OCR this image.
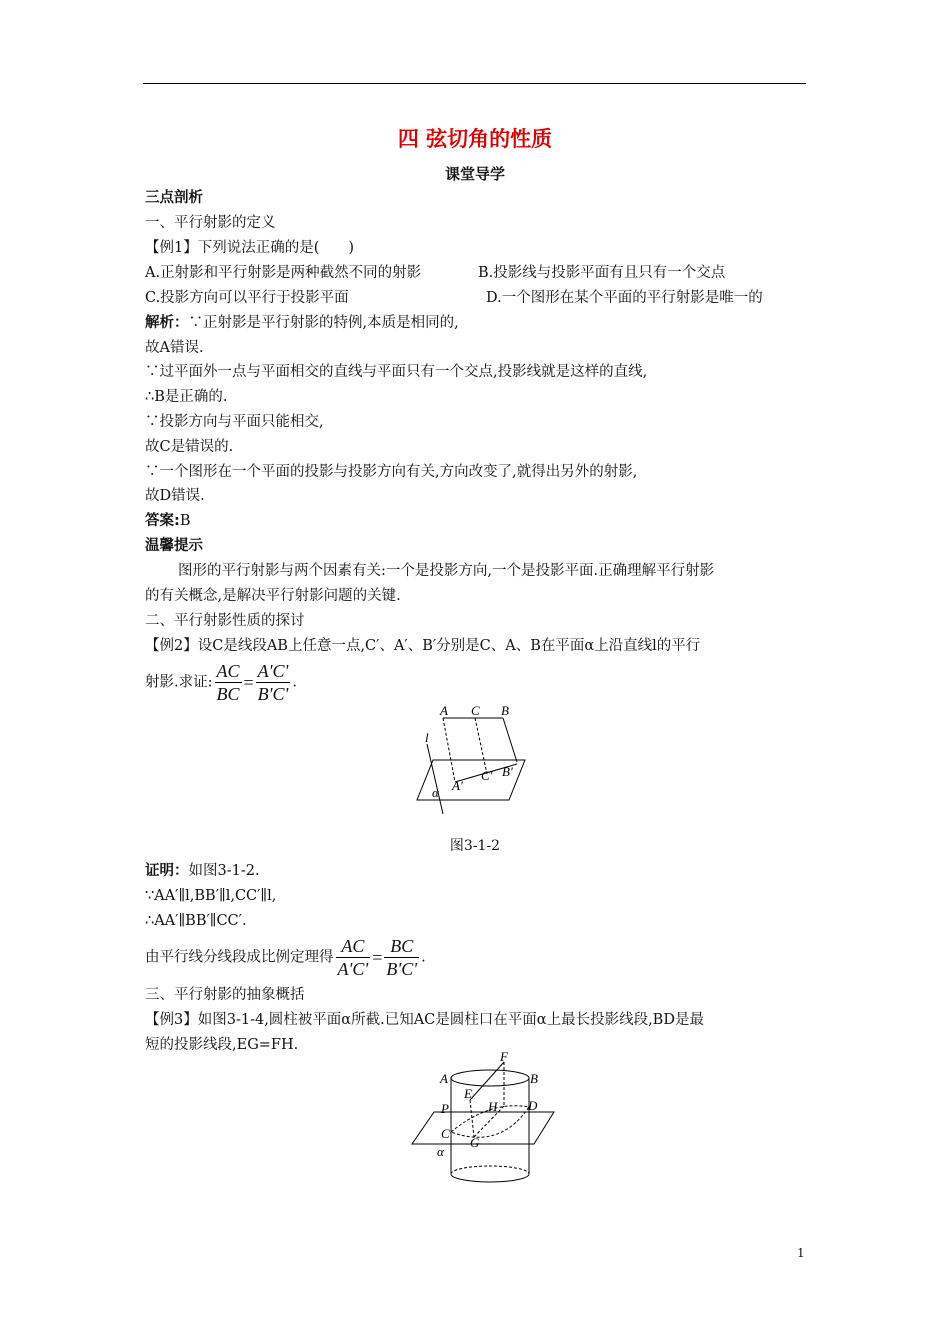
四 弦切角的性质
课堂导学
三点剖析
一、平行射影的定义
【例1】下列说法正确的是(　　)
A.正射影和平行射影是两种截然不同的射影	B.投影线与投影平面有且只有一个交点
C.投影方向可以平行于投影平面	D.一个图形在某个平面的平行射影是唯一的
解析：∵正射影是平行射影的特例,本质是相同的,
故A错误.
∵过平面外一点与平面相交的直线与平面只有一个交点,投影线就是这样的直线,
∴B是正确的.
∵投影方向与平面只能相交,
故C是错误的.
∵一个图形在一个平面的投影与投影方向有关,方向改变了,就得出另外的射影,
故D错误.
答案:B
温馨提示
图形的平行射影与两个因素有关:一个是投影方向,一个是投影平面.正确理解平行射影
的有关概念,是解决平行射影问题的关键.
二、平行射影性质的探讨
【例2】设C是线段AB上任意一点,C′、A′、B′分别是C、A、B在平面α上沿直线l的平行
射影.求证: $\frac{AC}{BC} = \frac{A'C'}{B'C'}$ .
A C B
l
C′ B′
A′
α
图3-1-2
证明：如图3-1-2.
∵AA′∥l,BB′∥l,CC′∥l,
∴AA′∥BB′∥CC′.
由平行线分线段成比例定理得 $\frac{AC}{A'C'} = \frac{BC}{B'C'}$ .
三、平行射影的抽象概括
【例3】如图3-1-4,圆柱被平面α所截.已知AC是圆柱口在平面α上最长投影线段,BD是最
短的投影线段,EG=FH.
A	B
F
E
H
P	D
C
G
α
1
